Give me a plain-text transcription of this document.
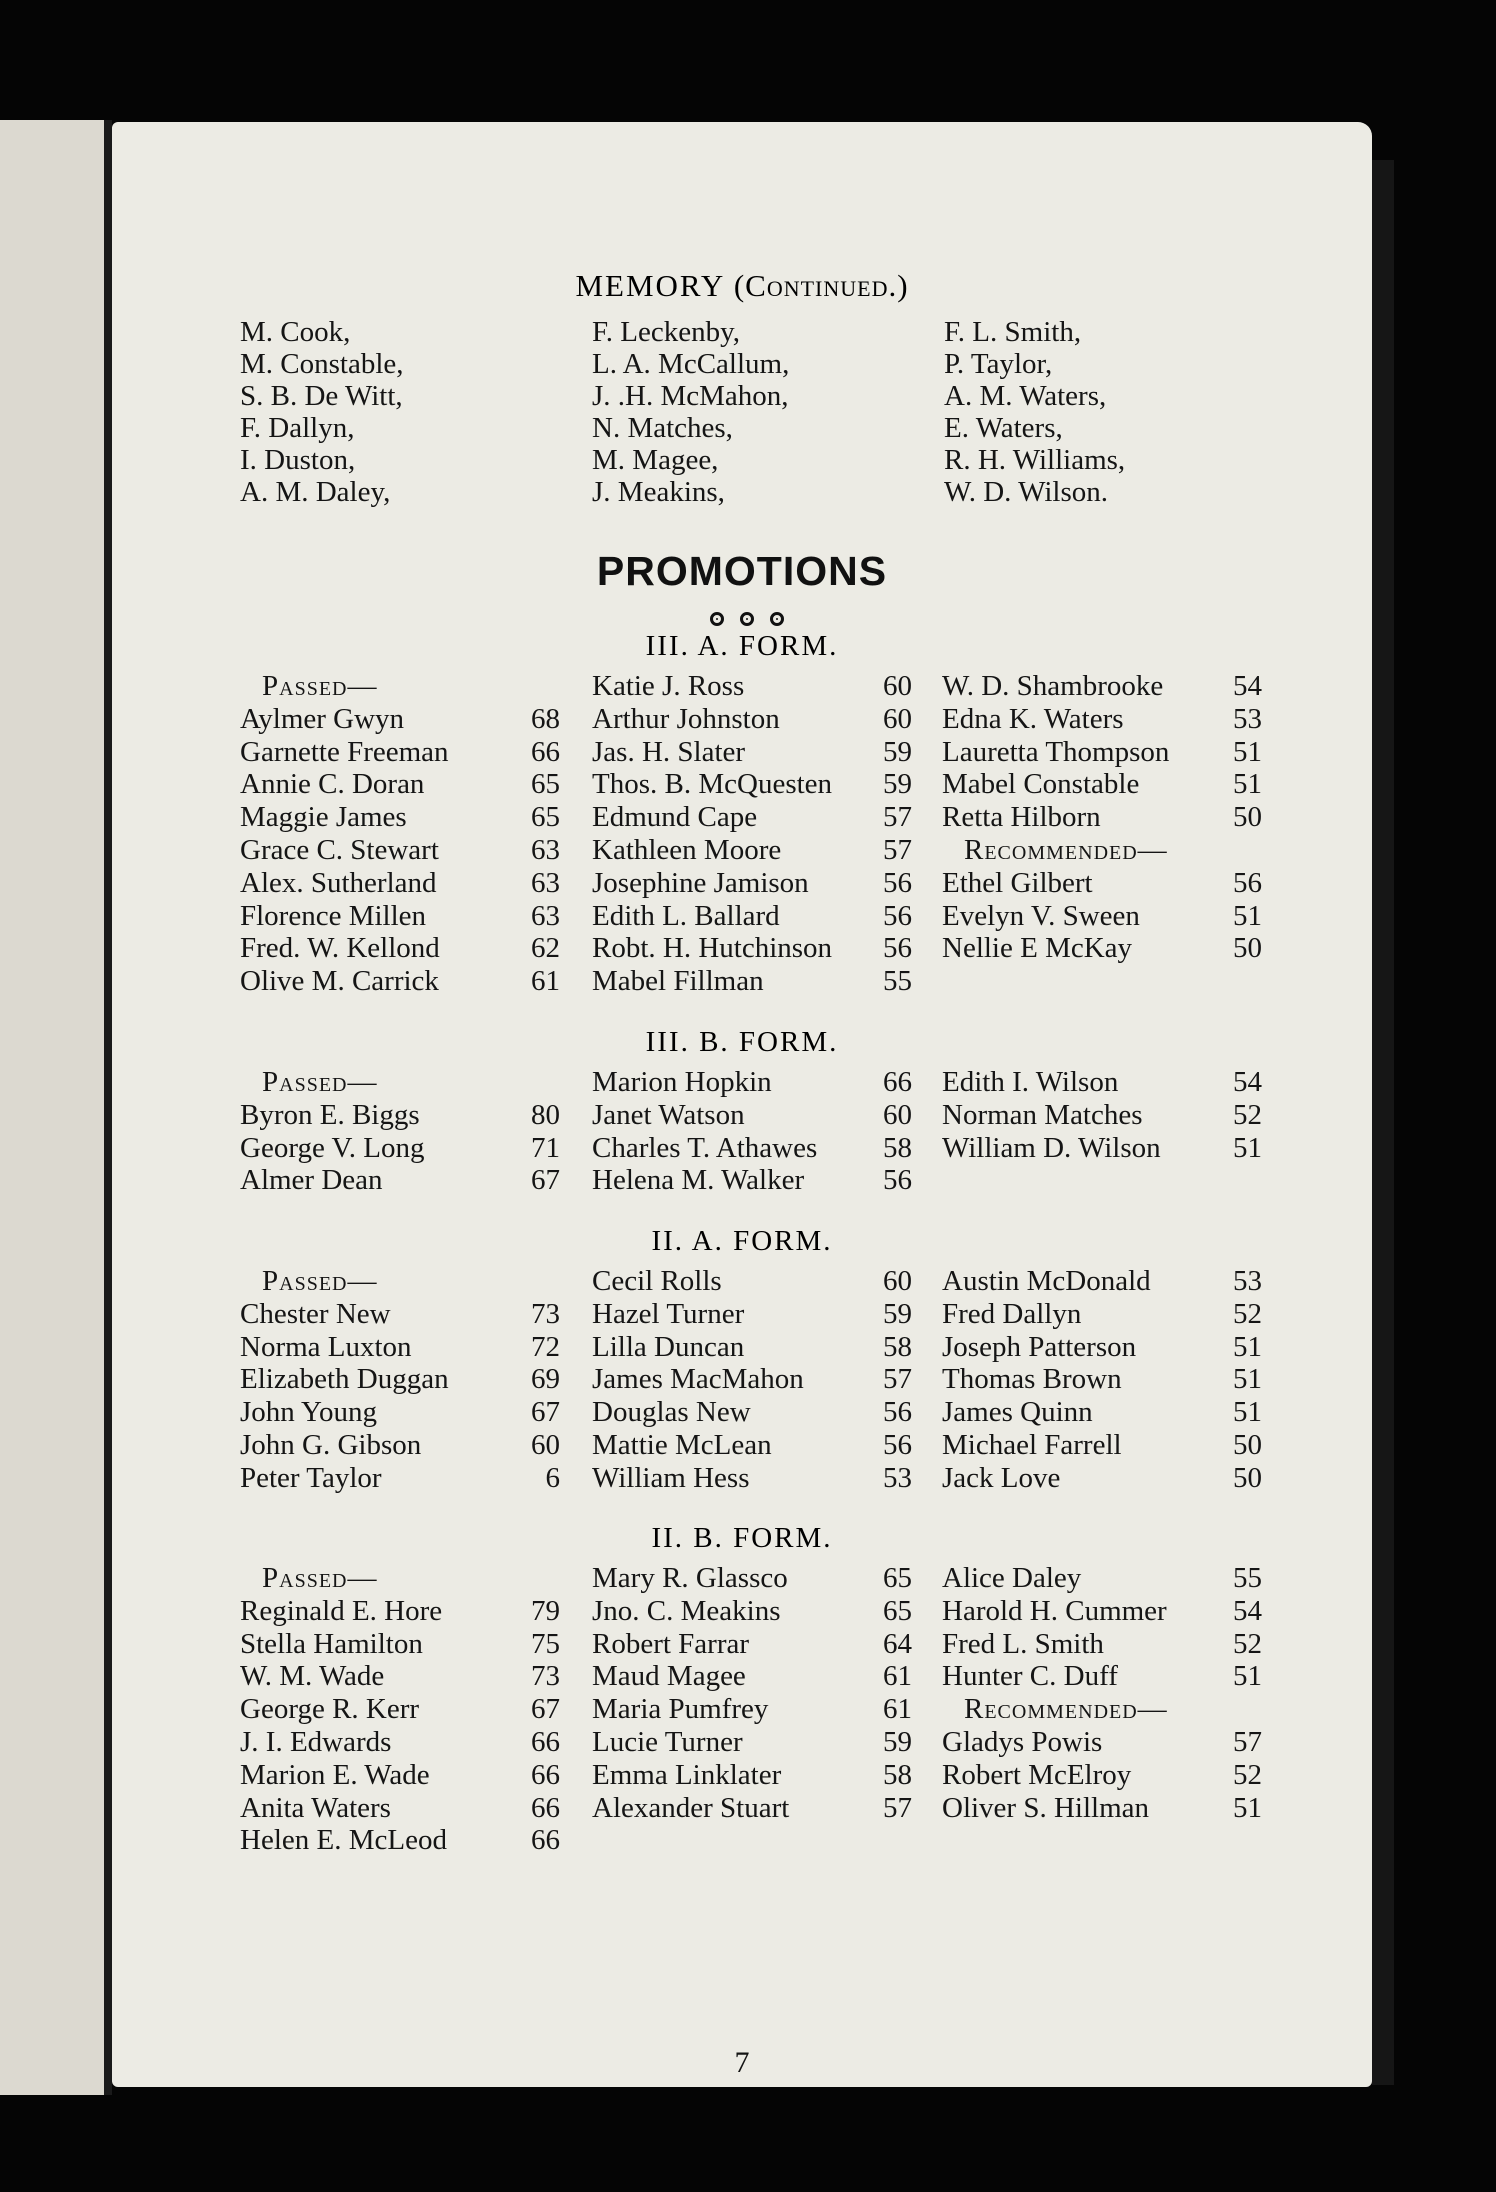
MEMORY (Continued.)
M. Cook,
M. Constable,
S. B. De Witt,
F. Dallyn,
I. Duston,
A. M. Daley,
F. Leckenby,
L. A. McCallum,
J. .H. McMahon,
N. Matches,
M. Magee,
J. Meakins,
F. L. Smith,
P. Taylor,
A. M. Waters,
E. Waters,
R. H. Williams,
W. D. Wilson.
PROMOTIONS
III. A. FORM.
Passed—
Aylmer Gwyn	68
Garnette Freeman	66
Annie C. Doran	65
Maggie James	65
Grace C. Stewart	63
Alex. Sutherland	63
Florence Millen	63
Fred. W. Kellond	62
Olive M. Carrick	61
Katie J. Ross	60
Arthur Johnston	60
Jas. H. Slater	59
Thos. B. McQuesten	59
Edmund Cape	57
Kathleen Moore	57
Josephine Jamison	56
Edith L. Ballard	56
Robt. H. Hutchinson	56
Mabel Fillman	55
W. D. Shambrooke	54
Edna K. Waters	53
Lauretta Thompson	51
Mabel Constable	51
Retta Hilborn	50
Recommended—
Ethel Gilbert	56
Evelyn V. Sween	51
Nellie E McKay	50
III. B. FORM.
Passed—
Byron E. Biggs	80
George V. Long	71
Almer Dean	67
Marion Hopkin	66
Janet Watson	60
Charles T. Athawes	58
Helena M. Walker	56
Edith I. Wilson	54
Norman Matches	52
William D. Wilson	51
II. A. FORM.
Passed—
Chester New	73
Norma Luxton	72
Elizabeth Duggan	69
John Young	67
John G. Gibson	60
Peter Taylor	6
Cecil Rolls	60
Hazel Turner	59
Lilla Duncan	58
James MacMahon	57
Douglas New	56
Mattie McLean	56
William Hess	53
Austin McDonald	53
Fred Dallyn	52
Joseph Patterson	51
Thomas Brown	51
James Quinn	51
Michael Farrell	50
Jack Love	50
II. B. FORM.
Passed—
Reginald E. Hore	79
Stella Hamilton	75
W. M. Wade	73
George R. Kerr	67
J. I. Edwards	66
Marion E. Wade	66
Anita Waters	66
Helen E. McLeod	66
Mary R. Glassco	65
Jno. C. Meakins	65
Robert Farrar	64
Maud Magee	61
Maria Pumfrey	61
Lucie Turner	59
Emma Linklater	58
Alexander Stuart	57
Alice Daley	55
Harold H. Cummer	54
Fred L. Smith	52
Hunter C. Duff	51
Recommended—
Gladys Powis	57
Robert McElroy	52
Oliver S. Hillman	51
7
